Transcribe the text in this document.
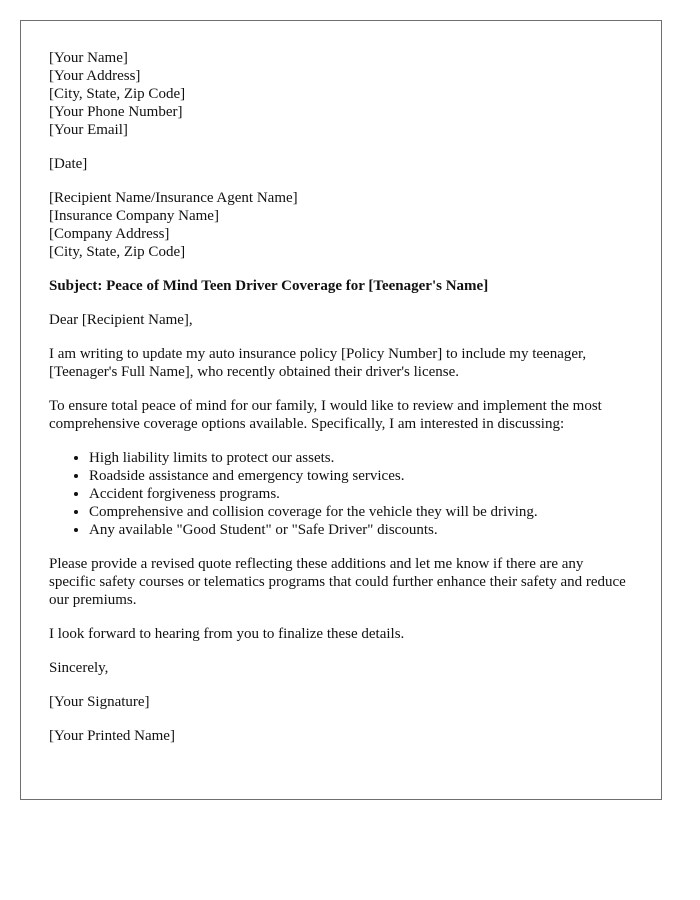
[Your Name]

[Your Address]

[City, State, Zip Code]

[Your Phone Number]

[Your Email]

[Date]

[Recipient Name/Insurance Agent Name]

[Insurance Company Name]

[Company Address]

[City, State, Zip Code]

Subject: Peace of Mind Teen Driver Coverage for [Teenager's Name]

Dear [Recipient Name],

I am writing to update my auto insurance policy [Policy Number] to include my teenager, [Teenager's Full Name], who recently obtained their driver's license.

To ensure total peace of mind for our family, I would like to review and implement the most comprehensive coverage options available. Specifically, I am interested in discussing:

• High liability limits to protect our assets.
• Roadside assistance and emergency towing services.
• Accident forgiveness programs.
• Comprehensive and collision coverage for the vehicle they will be driving.
• Any available "Good Student" or "Safe Driver" discounts.

Please provide a revised quote reflecting these additions and let me know if there are any specific safety courses or telematics programs that could further enhance their safety and reduce our premiums.

I look forward to hearing from you to finalize these details.

Sincerely,

[Your Signature]

[Your Printed Name]
